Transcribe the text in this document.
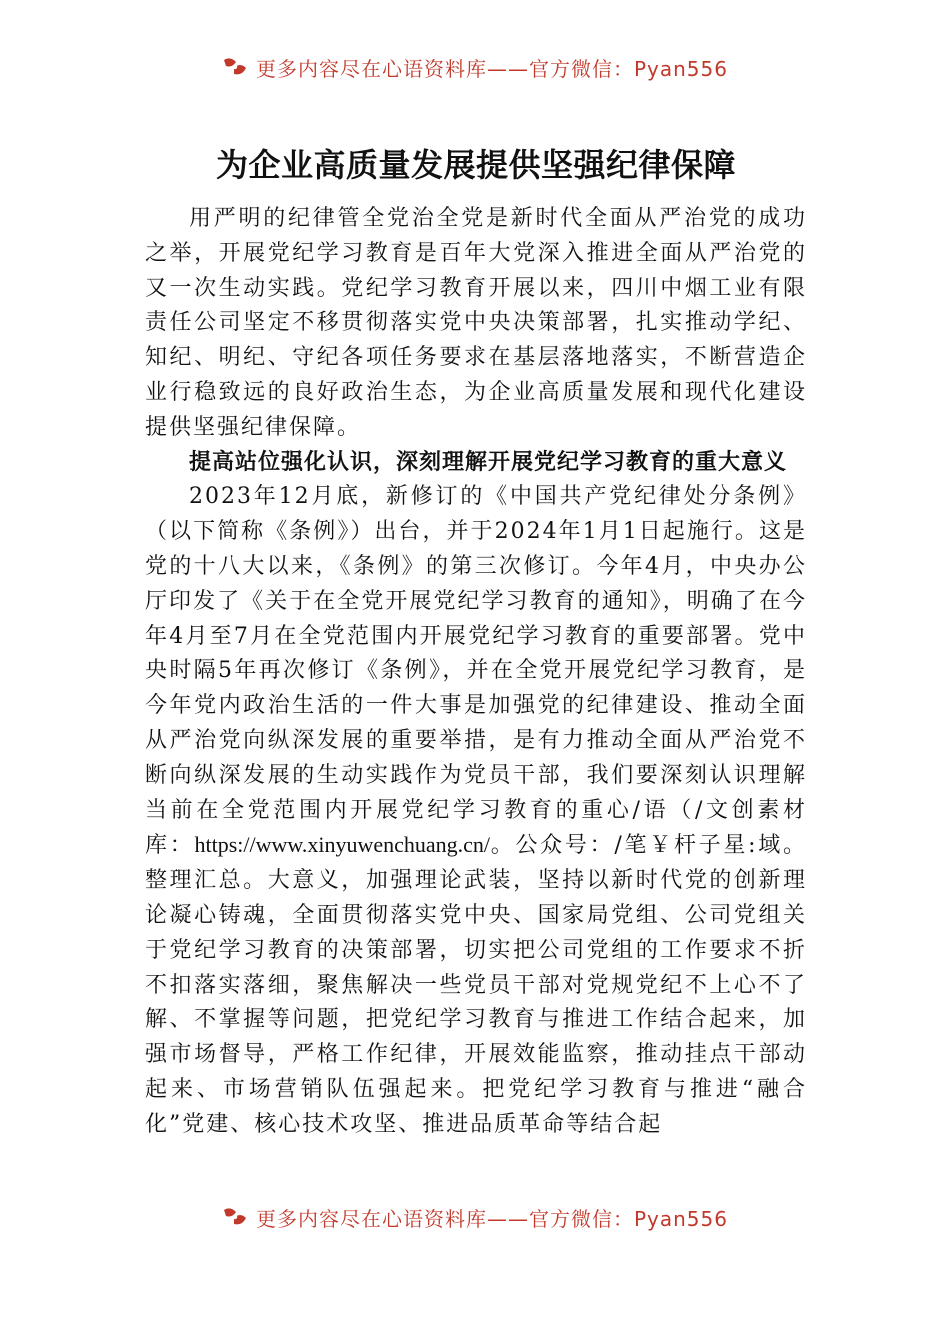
更多内容尽在心语资料库——官方微信：Pyan556
为企业高质量发展提供坚强纪律保障

用严明的纪律管全党治全党是新时代全面从严治党的成功之举，开展党纪学习教育是百年大党深入推进全面从严治党的又一次生动实践。党纪学习教育开展以来，四川中烟工业有限责任公司坚定不移贯彻落实党中央决策部署，扎实推动学纪、知纪、明纪、守纪各项任务要求在基层落地落实，不断营造企业行稳致远的良好政治生态，为企业高质量发展和现代化建设提供坚强纪律保障。

提高站位强化认识，深刻理解开展党纪学习教育的重大意义

2023年12月底，新修订的《中国共产党纪律处分条例》（以下简称《条例》）出台，并于2024年1月1日起施行。这是党的十八大以来，《条例》的第三次修订。今年4月，中央办公厅印发了《关于在全党开展党纪学习教育的通知》，明确了在今年4月至7月在全党范围内开展党纪学习教育的重要部署。党中央时隔5年再次修订《条例》，并在全党开展党纪学习教育，是今年党内政治生活的一件大事是加强党的纪律建设、推动全面从严治党向纵深发展的重要举措，是有力推动全面从严治党不断向纵深发展的生动实践作为党员干部，我们要深刻认识理解当前在全党范围内开展党纪学习教育的重心/语（/文创素材库：https://www.xinyuwenchuang.cn/。公众号：/笔￥杆子星:域。整理汇总。大意义，加强理论武装，坚持以新时代党的创新理论凝心铸魂，全面贯彻落实党中央、国家局党组、公司党组关于党纪学习教育的决策部署，切实把公司党组的工作要求不折不扣落实落细，聚焦解决一些党员干部对党规党纪不上心不了解、不掌握等问题，把党纪学习教育与推进工作结合起来，加强市场督导，严格工作纪律，开展效能监察，推动挂点干部动起来、市场营销队伍强起来。把党纪学习教育与推进“融合化”党建、核心技术攻坚、推进品质革命等结合起

更多内容尽在心语资料库——官方微信：Pyan556
